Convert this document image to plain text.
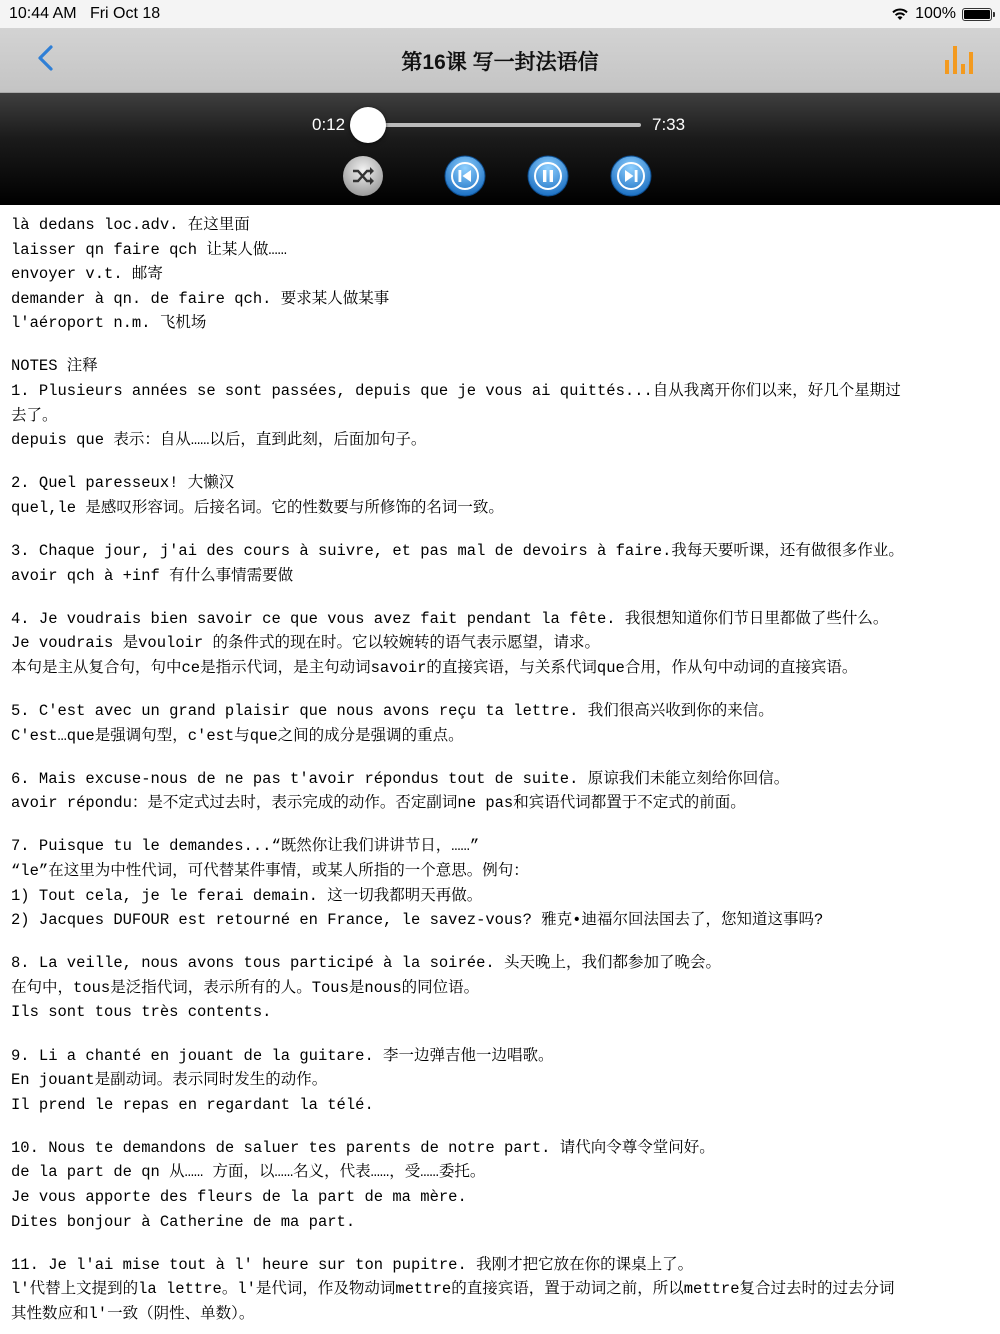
10:44 AM Fri Oct 18	100%
第16课 写一封法语信
0:12	7:33

là dedans loc.adv. 在这里面

laisser qn faire qch 让某人做……

envoyer v.t. 邮寄

demander à qn. de faire qch. 要求某人做某事

l'aéroport n.m. 飞机场

NOTES 注释

1. Plusieurs années se sont passées, depuis que je vous ai quittés...自从我离开你们以来，好几个星期过

去了。

depuis que 表示：自从……以后，直到此刻，后面加句子。

2. Quel paresseux! 大懒汉

quel,le 是感叹形容词。后接名词。它的性数要与所修饰的名词一致。

3. Chaque jour, j'ai des cours à suivre, et pas mal de devoirs à faire.我每天要听课，还有做很多作业。

avoir qch à +inf 有什么事情需要做

4. Je voudrais bien savoir ce que vous avez fait pendant la fête. 我很想知道你们节日里都做了些什么。

Je voudrais 是vouloir 的条件式的现在时。它以较婉转的语气表示愿望，请求。

本句是主从复合句，句中ce是指示代词，是主句动词savoir的直接宾语，与关系代词que合用，作从句中动词的直接宾语。

5. C'est avec un grand plaisir que nous avons reçu ta lettre. 我们很高兴收到你的来信。

C'est…que是强调句型，c'est与que之间的成分是强调的重点。

6. Mais excuse-nous de ne pas t'avoir répondus tout de suite. 原谅我们未能立刻给你回信。

avoir répondu：是不定式过去时，表示完成的动作。否定副词ne pas和宾语代词都置于不定式的前面。

7. Puisque tu le demandes...“既然你让我们讲讲节日，……”

“le”在这里为中性代词，可代替某件事情，或某人所指的一个意思。例句：

1) Tout cela, je le ferai demain. 这一切我都明天再做。

2) Jacques DUFOUR est retourné en France, le savez-vous? 雅克•迪福尔回法国去了，您知道这事吗?

8. La veille, nous avons tous participé à la soirée. 头天晚上，我们都参加了晚会。

在句中，tous是泛指代词，表示所有的人。Tous是nous的同位语。

Ils sont tous très contents.

9. Li a chanté en jouant de la guitare. 李一边弹吉他一边唱歌。

En jouant是副动词。表示同时发生的动作。

Il prend le repas en regardant la télé.

10. Nous te demandons de saluer tes parents de notre part. 请代向令尊令堂问好。

de la part de qn 从…… 方面，以……名义，代表……，受……委托。

Je vous apporte des fleurs de la part de ma mère.

Dites bonjour à Catherine de ma part.

11. Je l'ai mise tout à l' heure sur ton pupitre. 我刚才把它放在你的课桌上了。

l'代替上文提到的la lettre。l'是代词，作及物动词mettre的直接宾语，置于动词之前，所以mettre复合过去时的过去分词

其性数应和l'一致（阴性、单数）。
